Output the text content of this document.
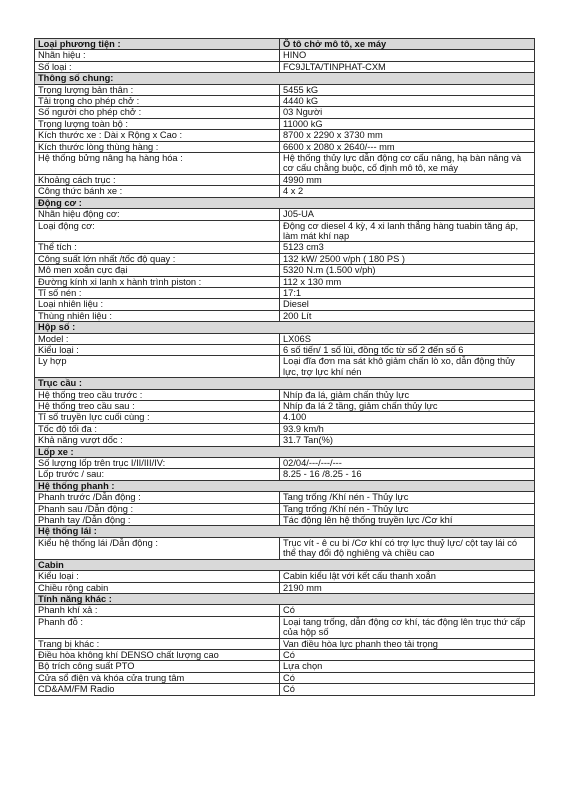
Loại phương tiện :	Ô tô chở mô tô, xe máy
Nhãn hiệu :	HINO
Số loại :	FC9JLTA/TINPHAT-CXM
Thông số chung:	
Trọng lượng bản thân :	5455 kG
Tải trọng cho phép chở :	4440 kG
Số người cho phép chở :	03 Người
Trọng lượng toàn bộ :	11000 kG
Kích thước xe : Dài x Rộng x Cao :	8700 x 2290 x 3730 mm
Kích thước lòng thùng hàng :	6600 x 2080 x 2640/--- mm
Hệ thống bửng nâng hạ hàng hóa :	Hệ thống thủy lực dẫn động cơ cấu nâng, hạ bàn nâng và cơ cấu chằng buộc, cố định mô tô, xe máy
Khoảng cách trục :	4990 mm
Công thức bánh xe :	4 x 2
Động cơ :	
Nhãn hiệu động cơ:	J05-UA
Loại động cơ:	Động cơ diesel 4 kỳ, 4 xi lanh thẳng hàng tuabin tăng áp, làm mát khí nạp
Thể tích :	5123 cm3
Công suất lớn nhất /tốc độ quay :	132 kW/ 2500 v/ph ( 180 PS )
Mô men xoắn cực đại	5320 N.m (1.500 v/ph)
Đường kính xi lanh x hành trình piston :	112 x 130 mm
Tỉ số nén :	17:1
Loại nhiên liệu :	Diesel
Thùng nhiên liệu :	200 Lít
Hộp số :	
Model :	LX06S
Kiểu loại :	6 số tiến/ 1 số lùi, đồng tốc từ số 2 đến số 6
Ly hợp	Loại đĩa đơn ma sát khô giảm chấn lò xo, dẫn động thủy lực, trợ lực khí nén
Trục cầu :	
Hệ thống treo cầu trước :	Nhíp đa lá, giảm chấn thủy lực
Hệ thống treo cầu sau :	Nhíp đa lá 2 tầng, giảm chấn thủy lực
Tỉ số truyền lực cuối cùng :	4.100
Tốc độ tối đa :	93.9 km/h
Khả năng vượt dốc :	31.7 Tan(%)
Lốp xe :	
Số lượng lốp trên trục I/II/III/IV:	02/04/---/---/---
Lốp trước / sau:	8.25 - 16 /8.25 - 16
Hệ thống phanh :	
Phanh trước /Dẫn động :	Tang trống /Khí nén - Thủy lực
Phanh sau /Dẫn động :	Tang trống /Khí nén - Thủy lực
Phanh tay /Dẫn động :	Tác động lên hệ thống truyền lực /Cơ khí
Hệ thống lái :	
Kiểu hệ thống lái /Dẫn động :	Trục vít - ê cu bi /Cơ khí có trợ lực thuỷ lực/ cột tay lái có thể thay đổi độ nghiêng và chiều cao
Cabin	
Kiểu loại :	Cabin kiểu lật với kết cấu thanh xoắn
Chiều rộng cabin	2190 mm
Tính năng khác :	
Phanh khí xả :	Có
Phanh đỗ :	Loại tang trống, dẫn động cơ khí, tác động lên trục thứ cấp của hộp số
Trang bị khác :	Van điều hòa lực phanh theo tải trọng
Điều hòa không khí DENSO chất lượng cao	Có
Bộ trích công suất PTO	Lựa chọn
Cửa sổ điện và khóa cửa trung tâm	Có
CD&AM/FM Radio	Có
